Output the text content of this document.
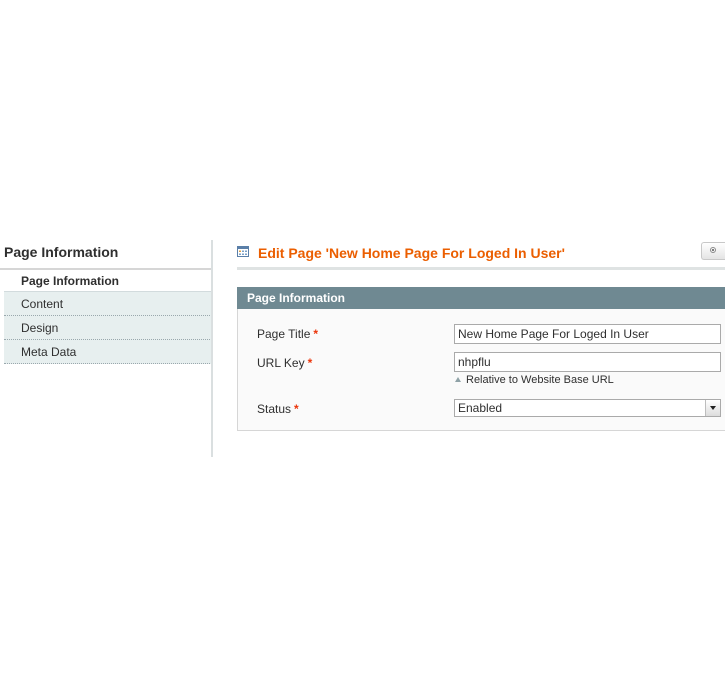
Page Information
Page Information
Content
Design
Meta Data
Edit Page 'New Home Page For Loged In User'
Page Information
Page Title *
New Home Page For Loged In User
URL Key *
nhpflu
Relative to Website Base URL
Status *	Enabled
